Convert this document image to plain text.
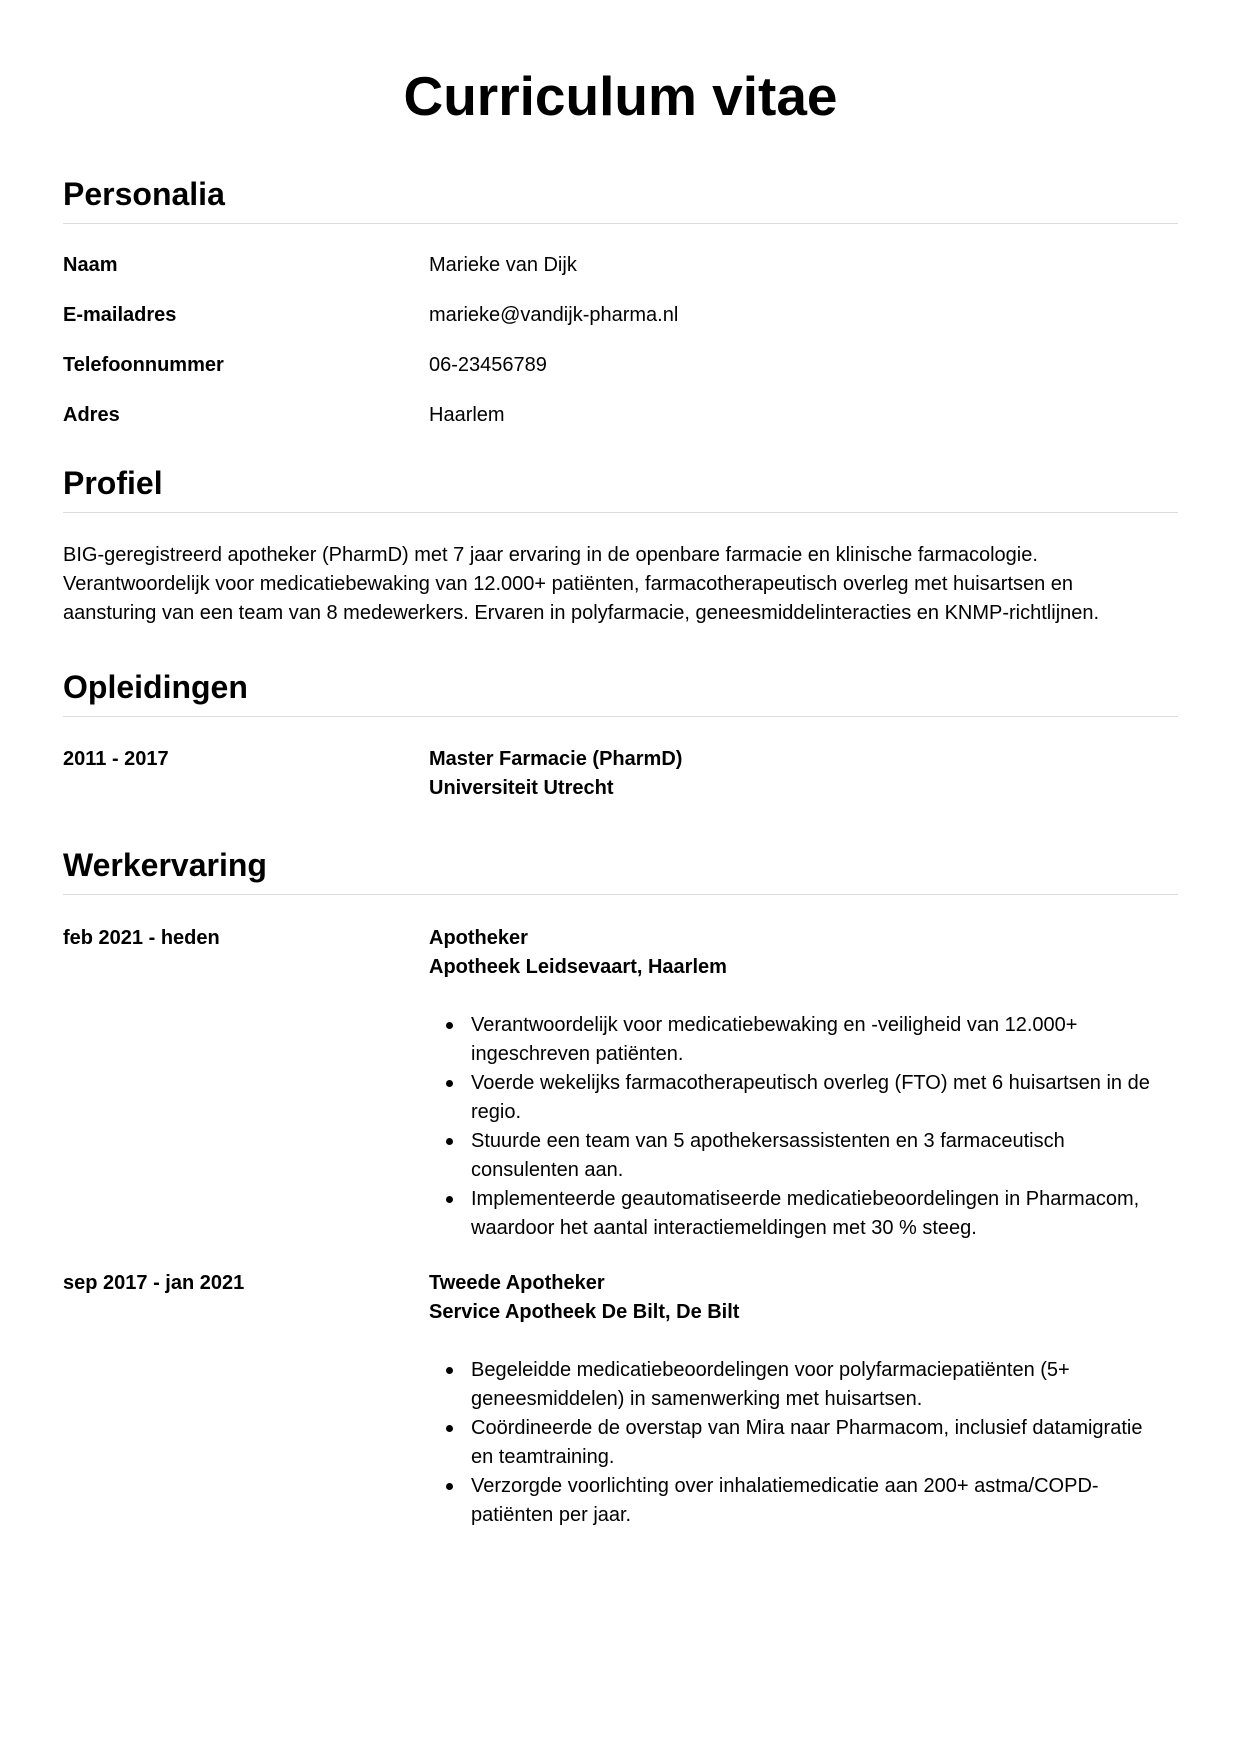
Curriculum vitae
Personalia
Naam	Marieke van Dijk
E-mailadres	marieke@vandijk-pharma.nl
Telefoonnummer	06-23456789
Adres	Haarlem
Profiel

BIG-geregistreerd apotheker (PharmD) met 7 jaar ervaring in de openbare farmacie en klinische farmacologie.
Verantwoordelijk voor medicatiebewaking van 12.000+ patiënten, farmacotherapeutisch overleg met huisartsen en
aansturing van een team van 8 medewerkers. Ervaren in polyfarmacie, geneesmiddelinteracties en KNMP-richtlijnen.

Opleidingen
2011 - 2017	Master Farmacie (PharmD)
Universiteit Utrecht
Werkervaring
feb 2021 - heden	Apotheker
Apotheek Leidsevaart, Haarlem
Verantwoordelijk voor medicatiebewaking en -veiligheid van 12.000+
ingeschreven patiënten.
Voerde wekelijks farmacotherapeutisch overleg (FTO) met 6 huisartsen in de
regio.
Stuurde een team van 5 apothekersassistenten en 3 farmaceutisch
consulenten aan.
Implementeerde geautomatiseerde medicatiebeoordelingen in Pharmacom,
waardoor het aantal interactiemeldingen met 30 % steeg.
sep 2017 - jan 2021	Tweede Apotheker
Service Apotheek De Bilt, De Bilt
Begeleidde medicatiebeoordelingen voor polyfarmaciepatiënten (5+
geneesmiddelen) in samenwerking met huisartsen.
Coördineerde de overstap van Mira naar Pharmacom, inclusief datamigratie
en teamtraining.
Verzorgde voorlichting over inhalatiemedicatie aan 200+ astma/COPD-
patiënten per jaar.
